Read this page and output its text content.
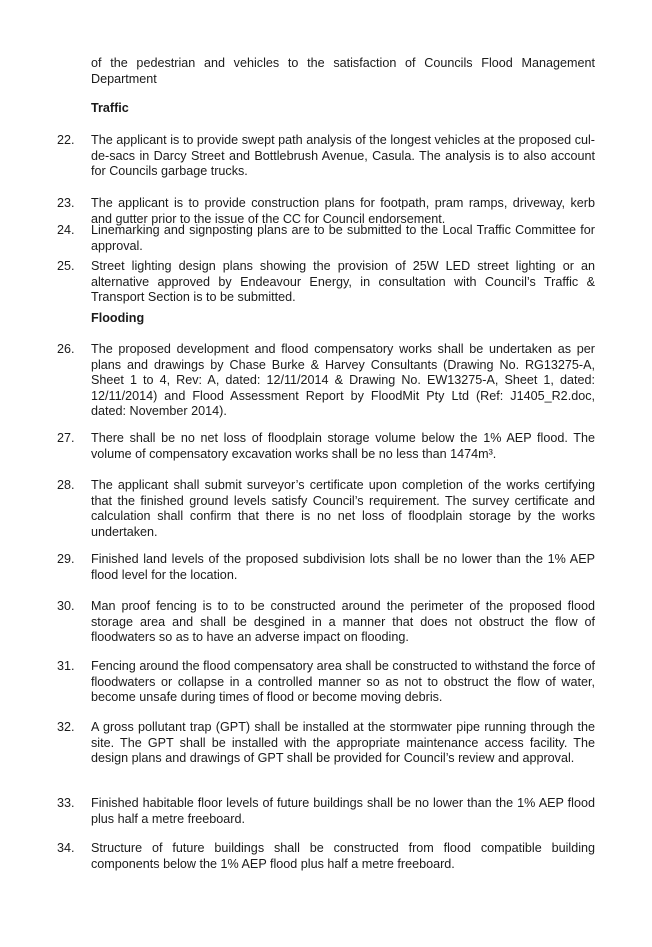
of the pedestrian and vehicles to the satisfaction of Councils Flood Management Department

Traffic

22.	The applicant is to provide swept path analysis of the longest vehicles at the proposed cul-de-sacs in Darcy Street and Bottlebrush Avenue, Casula. The analysis is to also account for Councils garbage trucks.
23.	The applicant is to provide construction plans for footpath, pram ramps, driveway, kerb and gutter prior to the issue of the CC for Council endorsement.
24.	Linemarking and signposting plans are to be submitted to the Local Traffic Committee for approval.
25.	Street lighting design plans showing the provision of 25W LED street lighting or an alternative approved by Endeavour Energy, in consultation with Council’s Traffic & Transport Section is to be submitted.

Flooding

26.	The proposed development and flood compensatory works shall be undertaken as per plans and drawings by Chase Burke & Harvey Consultants (Drawing No. RG13275-A, Sheet 1 to 4, Rev: A, dated: 12/11/2014 & Drawing No. EW13275-A, Sheet 1, dated: 12/11/2014) and Flood Assessment Report by FloodMit Pty Ltd (Ref: J1405_R2.doc, dated: November 2014).
27.	There shall be no net loss of floodplain storage volume below the 1% AEP flood. The volume of compensatory excavation works shall be no less than 1474m³.
28.	The applicant shall submit surveyor’s certificate upon completion of the works certifying that the finished ground levels satisfy Council’s requirement. The survey certificate and calculation shall confirm that there is no net loss of floodplain storage by the works undertaken.
29.	Finished land levels of the proposed subdivision lots shall be no lower than the 1% AEP flood level for the location.
30.	Man proof fencing is to to be constructed around the perimeter of the proposed flood storage area and shall be desgined in a manner that does not obstruct the flow of floodwaters so as to have an adverse impact on flooding.
31.	Fencing around the flood compensatory area shall be constructed to withstand the force of floodwaters or collapse in a controlled manner so as not to obstruct the flow of water, become unsafe during times of flood or become moving debris.
32.	A gross pollutant trap (GPT) shall be installed at the stormwater pipe running through the site. The GPT shall be installed with the appropriate maintenance access facility. The design plans and drawings of GPT shall be provided for Council’s review and approval.
33.	Finished habitable floor levels of future buildings shall be no lower than the 1% AEP flood plus half a metre freeboard.
34.	Structure of future buildings shall be constructed from flood compatible building components below the 1% AEP flood plus half a metre freeboard.
